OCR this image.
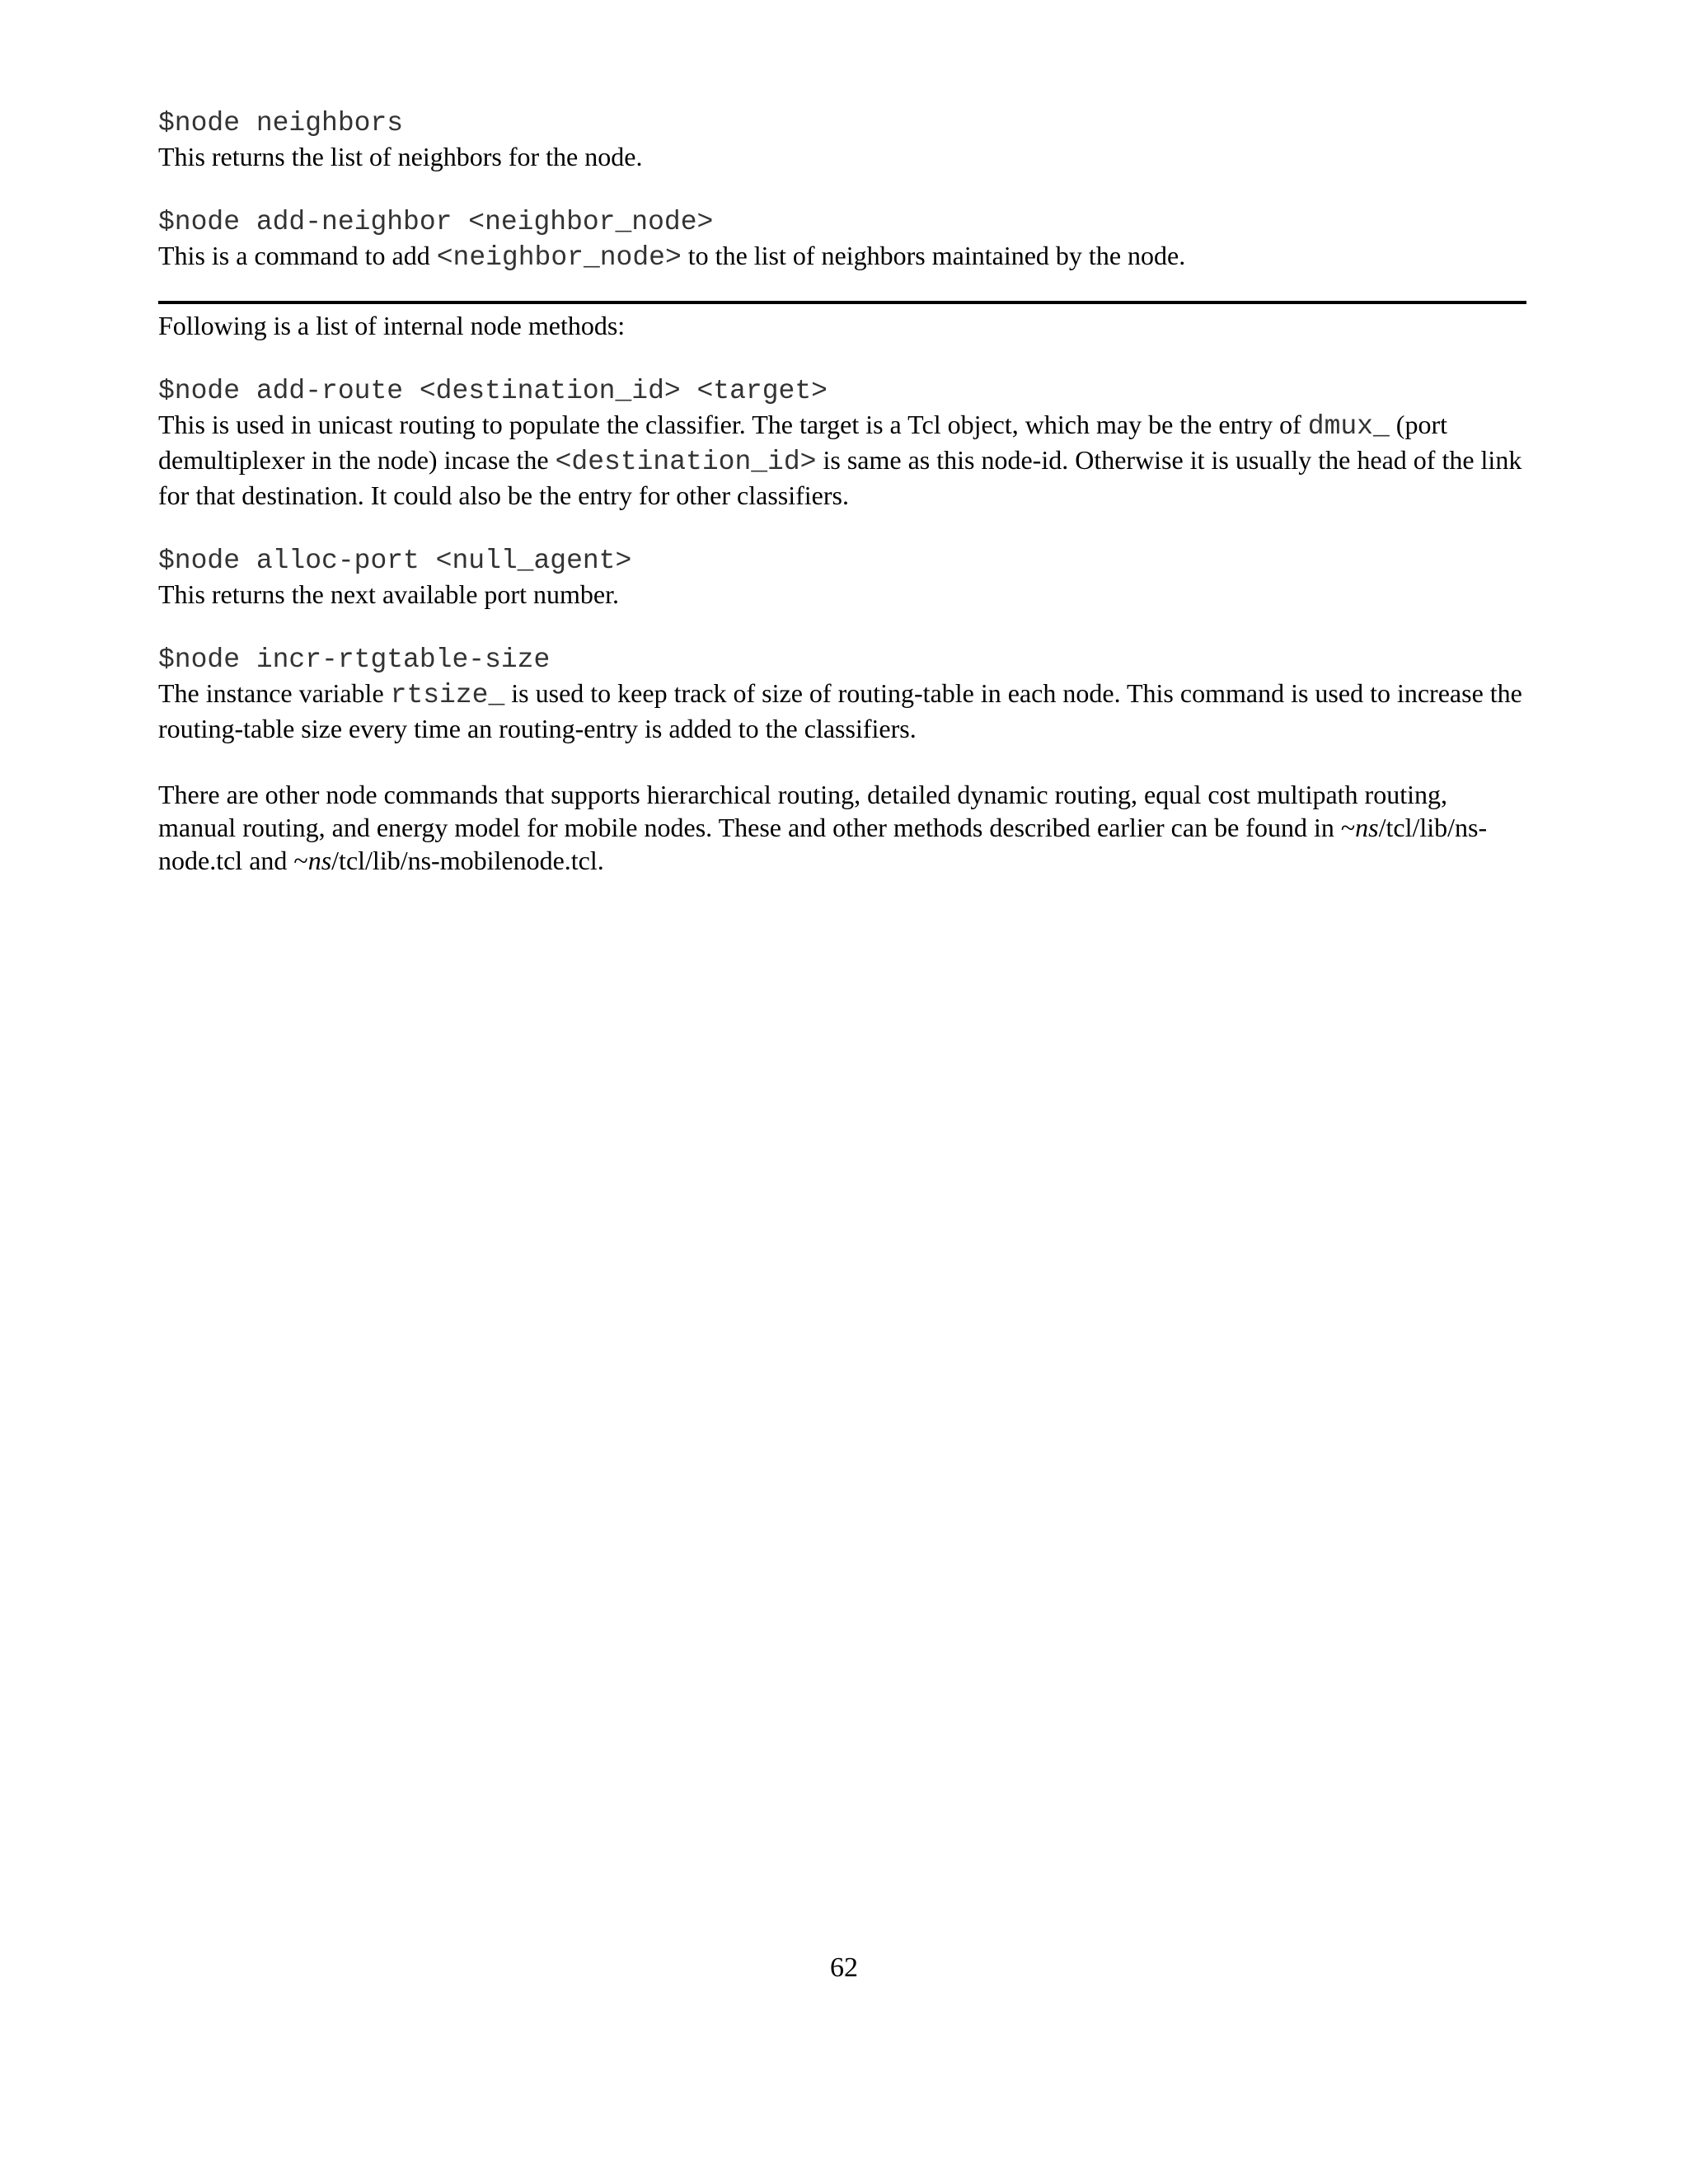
$node neighbors

This returns the list of neighbors for the node.

$node add-neighbor <neighbor_node>

This is a command to add <neighbor_node> to the list of neighbors maintained by the node.

Following is a list of internal node methods:

$node add-route <destination_id> <target>

This is used in unicast routing to populate the classifier. The target is a Tcl object, which may be the entry of dmux_ (port demultiplexer in the node) incase the <destination_id> is same as this node-id. Otherwise it is usually the head of the link for that destination. It could also be the entry for other classifiers.

$node alloc-port <null_agent>

This returns the next available port number.

$node incr-rtgtable-size

The instance variable rtsize_ is used to keep track of size of routing-table in each node. This command is used to increase the routing-table size every time an routing-entry is added to the classifiers.

There are other node commands that supports hierarchical routing, detailed dynamic routing, equal cost multipath routing, manual routing, and energy model for mobile nodes. These and other methods described earlier can be found in ~ns/tcl/lib/ns-node.tcl and ~ns/tcl/lib/ns-mobilenode.tcl.

62
